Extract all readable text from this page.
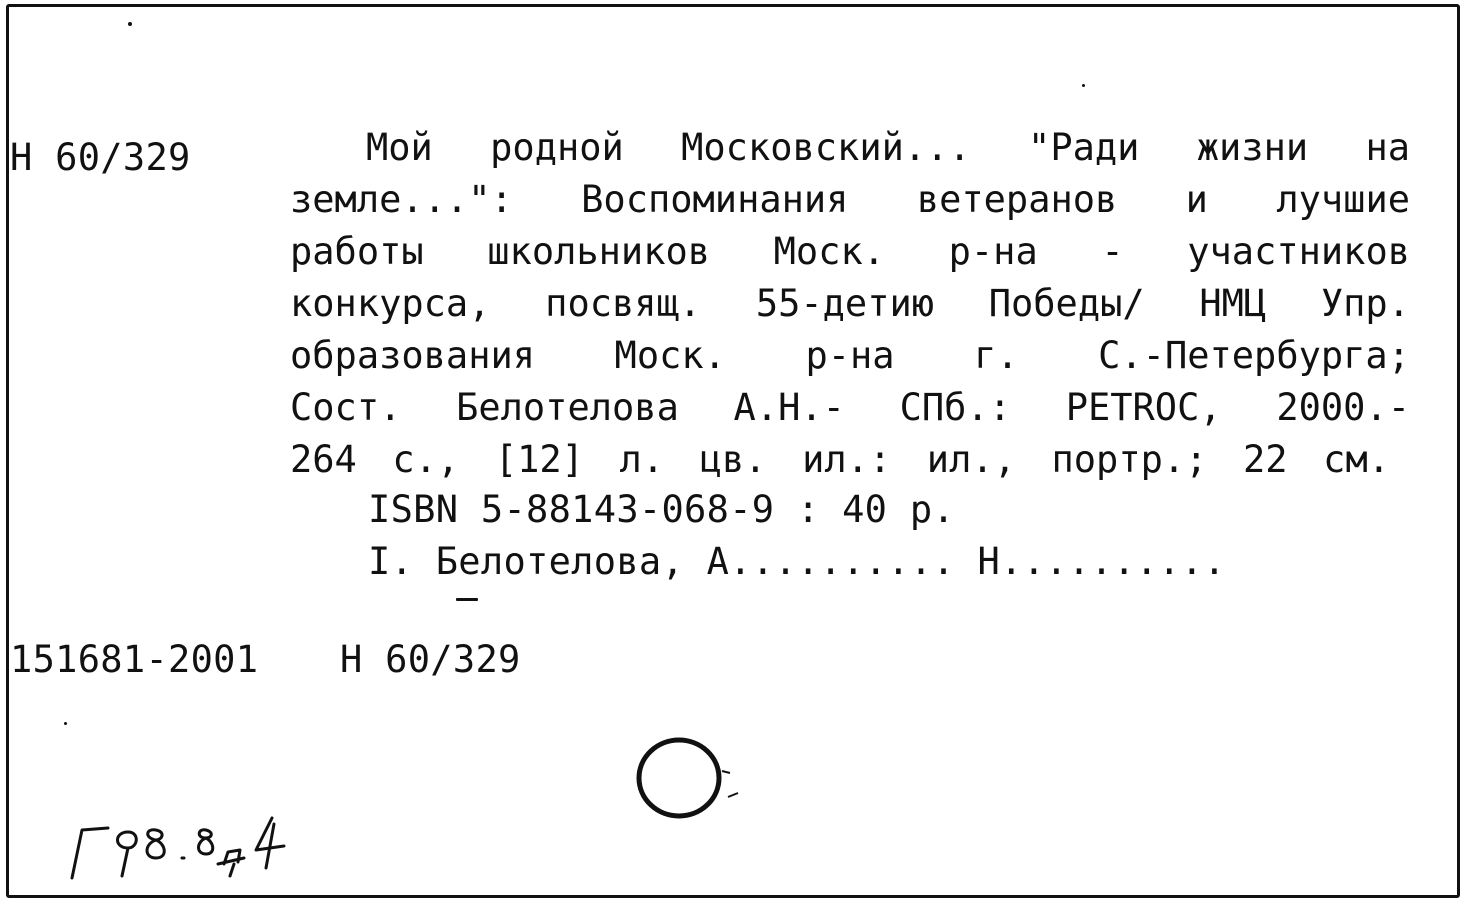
Н 60/329	Мой родной Московский... "Ради жизни на
земле...": Воспоминания ветеранов и лучшие
работы школьников Моск. р-на - участников
конкурса, посвящ. 55-детию Победы/ НМЦ Упр.
образования Моск. р-на г. С.-Петербурга;
Сост. Белотелова А.Н.- СПб.: PETROC, 2000.-
264 с., [12] л. цв. ил.: ил., портр.; 22 см.
ISBN 5-88143-068-9 : 40 р.
I. Белотелова, А.......... Н..........
151681-2001 Н 60/329
